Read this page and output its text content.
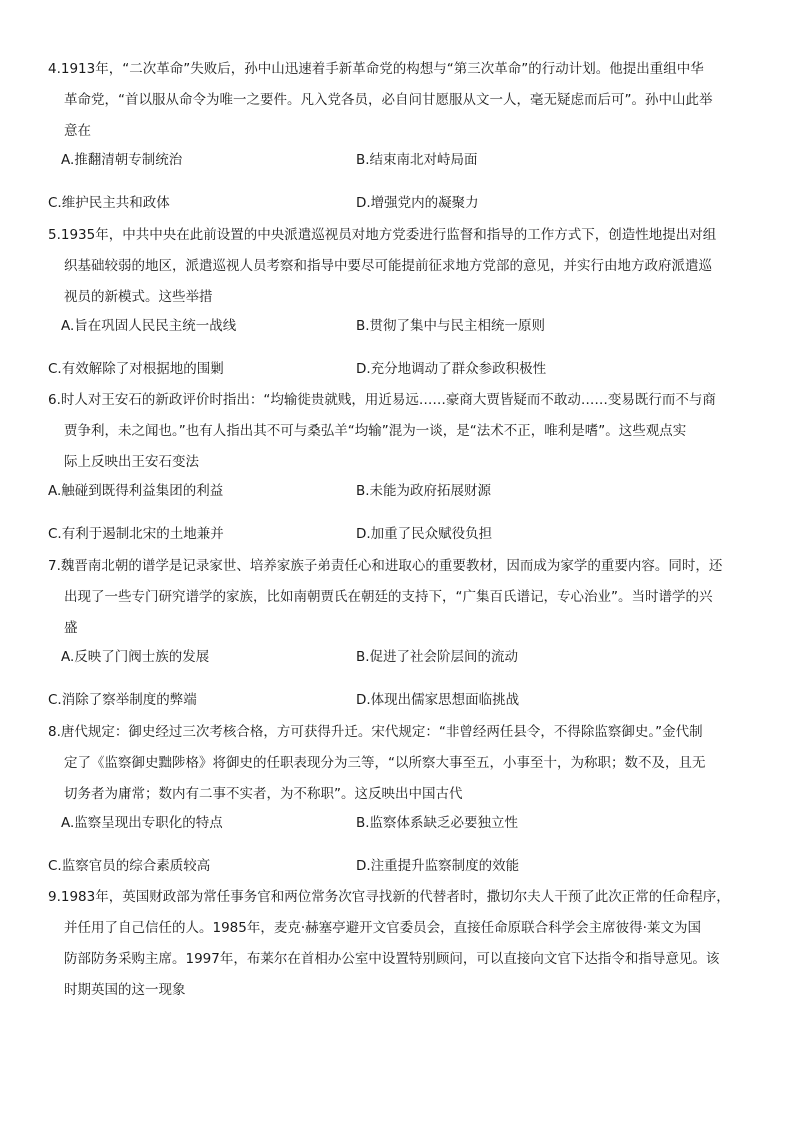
4.1913年，“二次革命”失败后，孙中山迅速着手新革命党的构想与“第三次革命”的行动计划。他提出重组中华
革命党，“首以服从命令为唯一之要件。凡入党各员，必自问甘愿服从文一人，毫无疑虑而后可”。孙中山此举
意在
A.推翻清朝专制统治	B.结束南北对峙局面
C.维护民主共和政体	D.增强党内的凝聚力
5.1935年，中共中央在此前设置的中央派遣巡视员对地方党委进行监督和指导的工作方式下，创造性地提出对组
织基础较弱的地区，派遣巡视人员考察和指导中要尽可能提前征求地方党部的意见，并实行由地方政府派遣巡
视员的新模式。这些举措
A.旨在巩固人民民主统一战线	B.贯彻了集中与民主相统一原则
C.有效解除了对根据地的围剿	D.充分地调动了群众参政积极性
6.时人对王安石的新政评价时指出：“均输徙贵就贱，用近易远……豪商大贾皆疑而不敢动……变易既行而不与商
贾争利，未之闻也。”也有人指出其不可与桑弘羊“均输”混为一谈，是“法术不正，唯利是嗜”。这些观点实
际上反映出王安石变法
A.触碰到既得利益集团的利益	B.未能为政府拓展财源
C.有利于遏制北宋的土地兼并	D.加重了民众赋役负担
7.魏晋南北朝的谱学是记录家世、培养家族子弟责任心和进取心的重要教材，因而成为家学的重要内容。同时，还
出现了一些专门研究谱学的家族，比如南朝贾氏在朝廷的支持下，“广集百氏谱记，专心治业”。当时谱学的兴
盛
A.反映了门阀士族的发展	B.促进了社会阶层间的流动
C.消除了察举制度的弊端	D.体现出儒家思想面临挑战
8.唐代规定：御史经过三次考核合格，方可获得升迁。宋代规定：“非曾经两任县令，不得除监察御史。”金代制
定了《监察御史黜陟格》将御史的任职表现分为三等，“以所察大事至五，小事至十，为称职；数不及，且无
切务者为庸常；数内有二事不实者，为不称职”。这反映出中国古代
A.监察呈现出专职化的特点	B.监察体系缺乏必要独立性
C.监察官员的综合素质较高	D.注重提升监察制度的效能
9.1983年，英国财政部为常任事务官和两位常务次官寻找新的代替者时，撒切尔夫人干预了此次正常的任命程序，
并任用了自己信任的人。1985年，麦克·赫塞亭避开文官委员会，直接任命原联合科学会主席彼得·莱文为国
防部防务采购主席。1997年，布莱尔在首相办公室中设置特别顾问，可以直接向文官下达指令和指导意见。该
时期英国的这一现象
